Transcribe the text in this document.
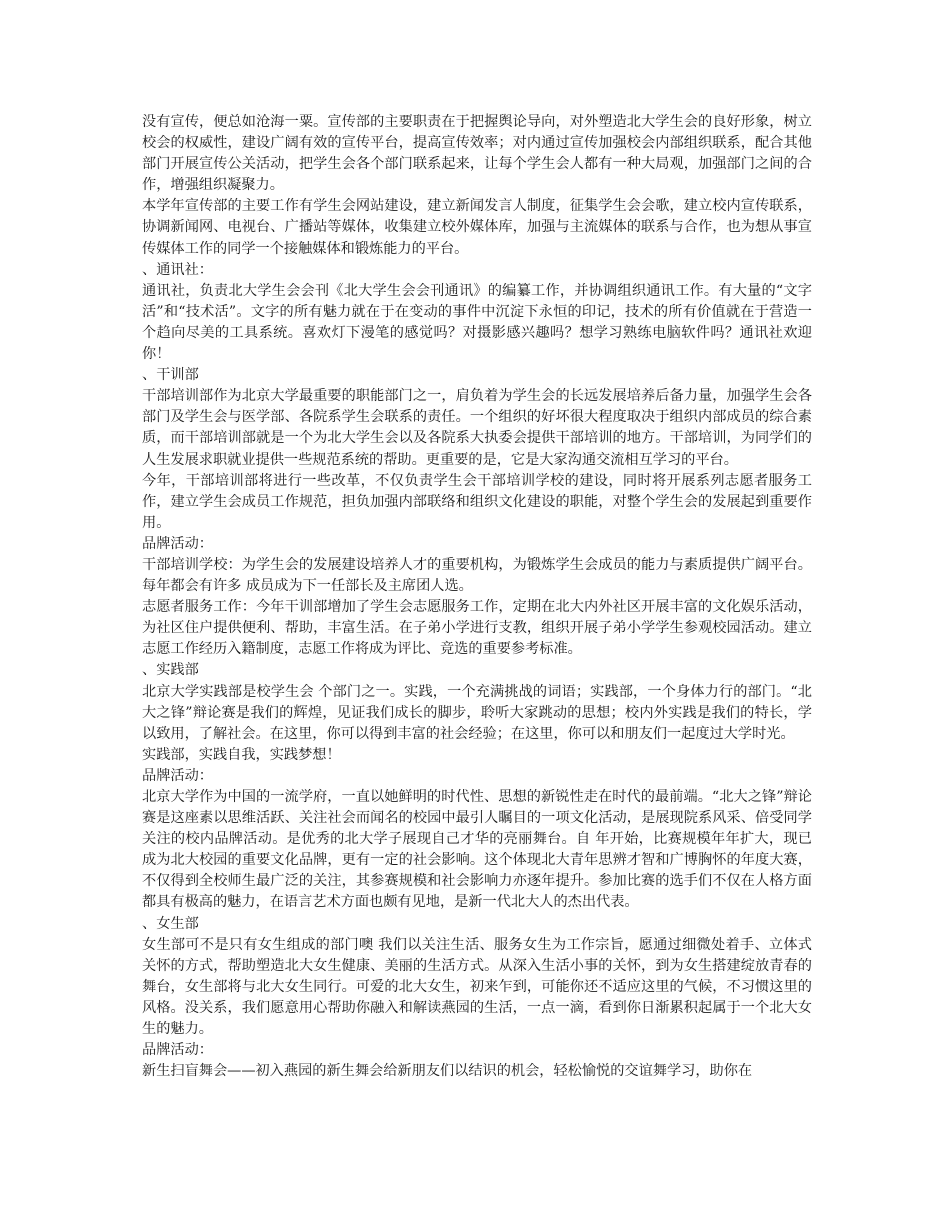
没有宣传，便总如沧海一粟。宣传部的主要职责在于把握舆论导向，对外塑造北大学生会的良好形象，树立校会的权威性，建设广阔有效的宣传平台，提高宣传效率；对内通过宣传加强校会内部组织联系，配合其他部门开展宣传公关活动，把学生会各个部门联系起来，让每个学生会人都有一种大局观，加强部门之间的合作，增强组织凝聚力。

本学年宣传部的主要工作有学生会网站建设，建立新闻发言人制度，征集学生会会歌，建立校内宣传联系，协调新闻网、电视台、广播站等媒体，收集建立校外媒体库，加强与主流媒体的联系与合作，也为想从事宣传媒体工作的同学一个接触媒体和锻炼能力的平台。

、通讯社：

通讯社，负责北大学生会会刊《北大学生会会刊通讯》的编纂工作，并协调组织通讯工作。有大量的“文字活”和“技术活”。文字的所有魅力就在于在变动的事件中沉淀下永恒的印记，技术的所有价值就在于营造一个趋向尽美的工具系统。喜欢灯下漫笔的感觉吗？对摄影感兴趣吗？想学习熟练电脑软件吗？通讯社欢迎你！

、干训部

干部培训部作为北京大学最重要的职能部门之一，肩负着为学生会的长远发展培养后备力量，加强学生会各部门及学生会与医学部、各院系学生会联系的责任。一个组织的好坏很大程度取决于组织内部成员的综合素质，而干部培训部就是一个为北大学生会以及各院系大执委会提供干部培训的地方。干部培训，为同学们的人生发展求职就业提供一些规范系统的帮助。更重要的是，它是大家沟通交流相互学习的平台。

今年，干部培训部将进行一些改革，不仅负责学生会干部培训学校的建设，同时将开展系列志愿者服务工作，建立学生会成员工作规范，担负加强内部联络和组织文化建设的职能，对整个学生会的发展起到重要作用。

品牌活动：

干部培训学校：为学生会的发展建设培养人才的重要机构，为锻炼学生会成员的能力与素质提供广阔平台。每年都会有许多 成员成为下一任部长及主席团人选。

志愿者服务工作：今年干训部增加了学生会志愿服务工作，定期在北大内外社区开展丰富的文化娱乐活动，为社区住户提供便利、帮助，丰富生活。在子弟小学进行支教，组织开展子弟小学学生参观校园活动。建立志愿工作经历入籍制度，志愿工作将成为评比、竞选的重要参考标准。

、实践部

北京大学实践部是校学生会 个部门之一。实践，一个充满挑战的词语；实践部，一个身体力行的部门。“北大之锋”辩论赛是我们的辉煌，见证我们成长的脚步，聆听大家跳动的思想；校内外实践是我们的特长，学以致用，了解社会。在这里，你可以得到丰富的社会经验；在这里，你可以和朋友们一起度过大学时光。

实践部，实践自我，实践梦想！

品牌活动：

北京大学作为中国的一流学府，一直以她鲜明的时代性、思想的新锐性走在时代的最前端。“北大之锋”辩论赛是这座素以思维活跃、关注社会而闻名的校园中最引人瞩目的一项文化活动，是展现院系风采、倍受同学关注的校内品牌活动。是优秀的北大学子展现自己才华的亮丽舞台。自 年开始，比赛规模年年扩大，现已成为北大校园的重要文化品牌，更有一定的社会影响。这个体现北大青年思辨才智和广博胸怀的年度大赛，不仅得到全校师生最广泛的关注，其参赛规模和社会影响力亦逐年提升。参加比赛的选手们不仅在人格方面都具有极高的魅力，在语言艺术方面也颇有见地，是新一代北大人的杰出代表。

、女生部

女生部可不是只有女生组成的部门噢 我们以关注生活、服务女生为工作宗旨，愿通过细微处着手、立体式关怀的方式，帮助塑造北大女生健康、美丽的生活方式。从深入生活小事的关怀，到为女生搭建绽放青春的舞台，女生部将与北大女生同行。可爱的北大女生，初来乍到，可能你还不适应这里的气候，不习惯这里的风格。没关系，我们愿意用心帮助你融入和解读燕园的生活，一点一滴，看到你日渐累积起属于一个北大女生的魅力。

品牌活动：

新生扫盲舞会——初入燕园的新生舞会给新朋友们以结识的机会，轻松愉悦的交谊舞学习，助你在
